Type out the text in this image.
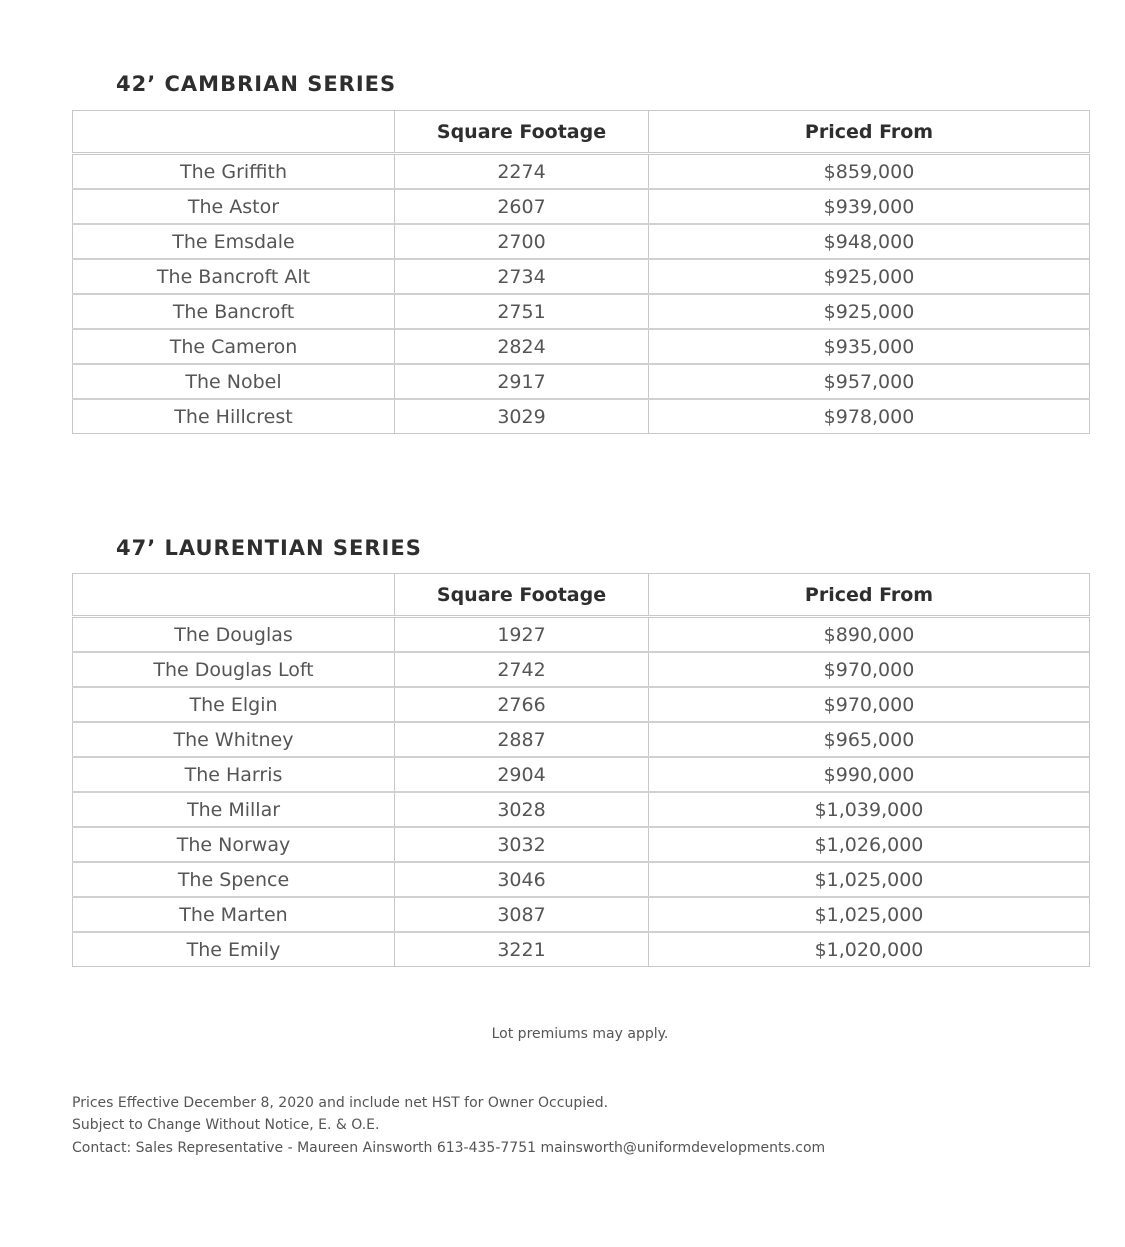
42’ CAMBRIAN SERIES
	Square Footage	Priced From
The Griffith	2274	$859,000
The Astor	2607	$939,000
The Emsdale	2700	$948,000
The Bancroft Alt	2734	$925,000
The Bancroft	2751	$925,000
The Cameron	2824	$935,000
The Nobel	2917	$957,000
The Hillcrest	3029	$978,000
47’ LAURENTIAN SERIES
	Square Footage	Priced From
The Douglas	1927	$890,000
The Douglas Loft	2742	$970,000
The Elgin	2766	$970,000
The Whitney	2887	$965,000
The Harris	2904	$990,000
The Millar	3028	$1,039,000
The Norway	3032	$1,026,000
The Spence	3046	$1,025,000
The Marten	3087	$1,025,000
The Emily	3221	$1,020,000
Lot premiums may apply.
Prices Effective December 8, 2020 and include net HST for Owner Occupied.
Subject to Change Without Notice, E. & O.E.
Contact: Sales Representative - Maureen Ainsworth 613-435-7751 mainsworth@uniformdevelopments.com
